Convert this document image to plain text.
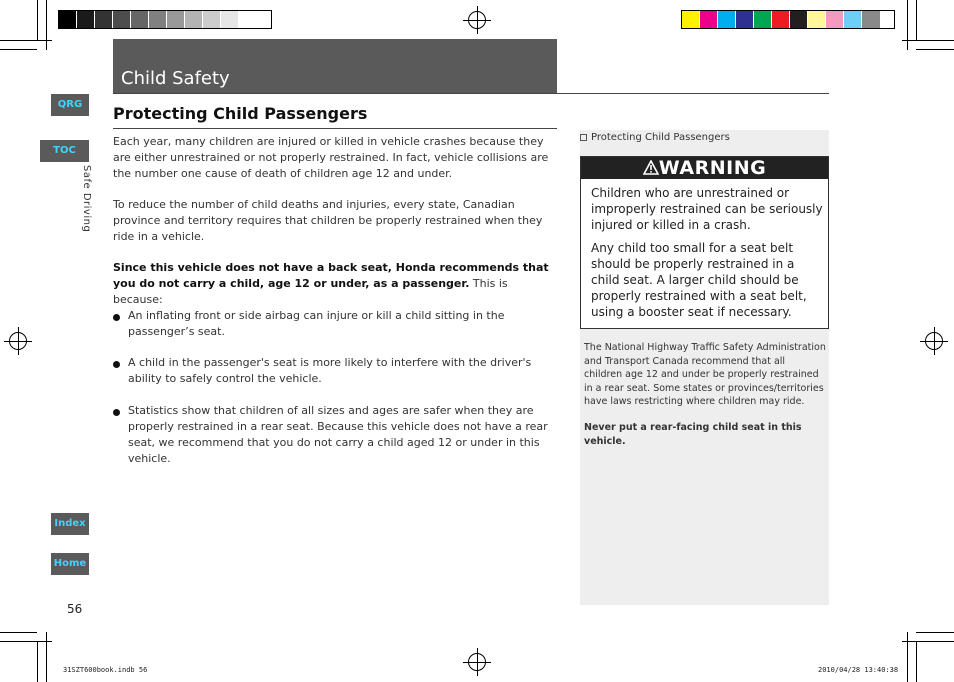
Child Safety
QRG
TOC
Safe Driving
Index
Home
Protecting Child Passengers

Each year, many children are injured or killed in vehicle crashes because they are either unrestrained or not properly restrained. In fact, vehicle collisions are the number one cause of death of children age 12 and under.

To reduce the number of child deaths and injuries, every state, Canadian province and territory requires that children be properly restrained when they ride in a vehicle.

Since this vehicle does not have a back seat, Honda recommends that you do not carry a child, age 12 or under, as a passenger. This is because:

An inflating front or side airbag can injure or kill a child sitting in the passenger’s seat.

A child in the passenger's seat is more likely to interfere with the driver's ability to safely control the vehicle.

Statistics show that children of all sizes and ages are safer when they are properly restrained in a rear seat. Because this vehicle does not have a rear seat, we recommend that you do not carry a child aged 12 or under in this vehicle.

Protecting Child Passengers
WARNING

Children who are unrestrained or improperly restrained can be seriously injured or killed in a crash.

Any child too small for a seat belt should be properly restrained in a child seat. A larger child should be properly restrained with a seat belt, using a booster seat if necessary.

The National Highway Traffic Safety Administration and Transport Canada recommend that all children age 12 and under be properly restrained in a rear seat. Some states or provinces/territories have laws restricting where children may ride.

Never put a rear-facing child seat in this vehicle.

56
31SZT600book.indb 56	2010/04/28 13:40:38
